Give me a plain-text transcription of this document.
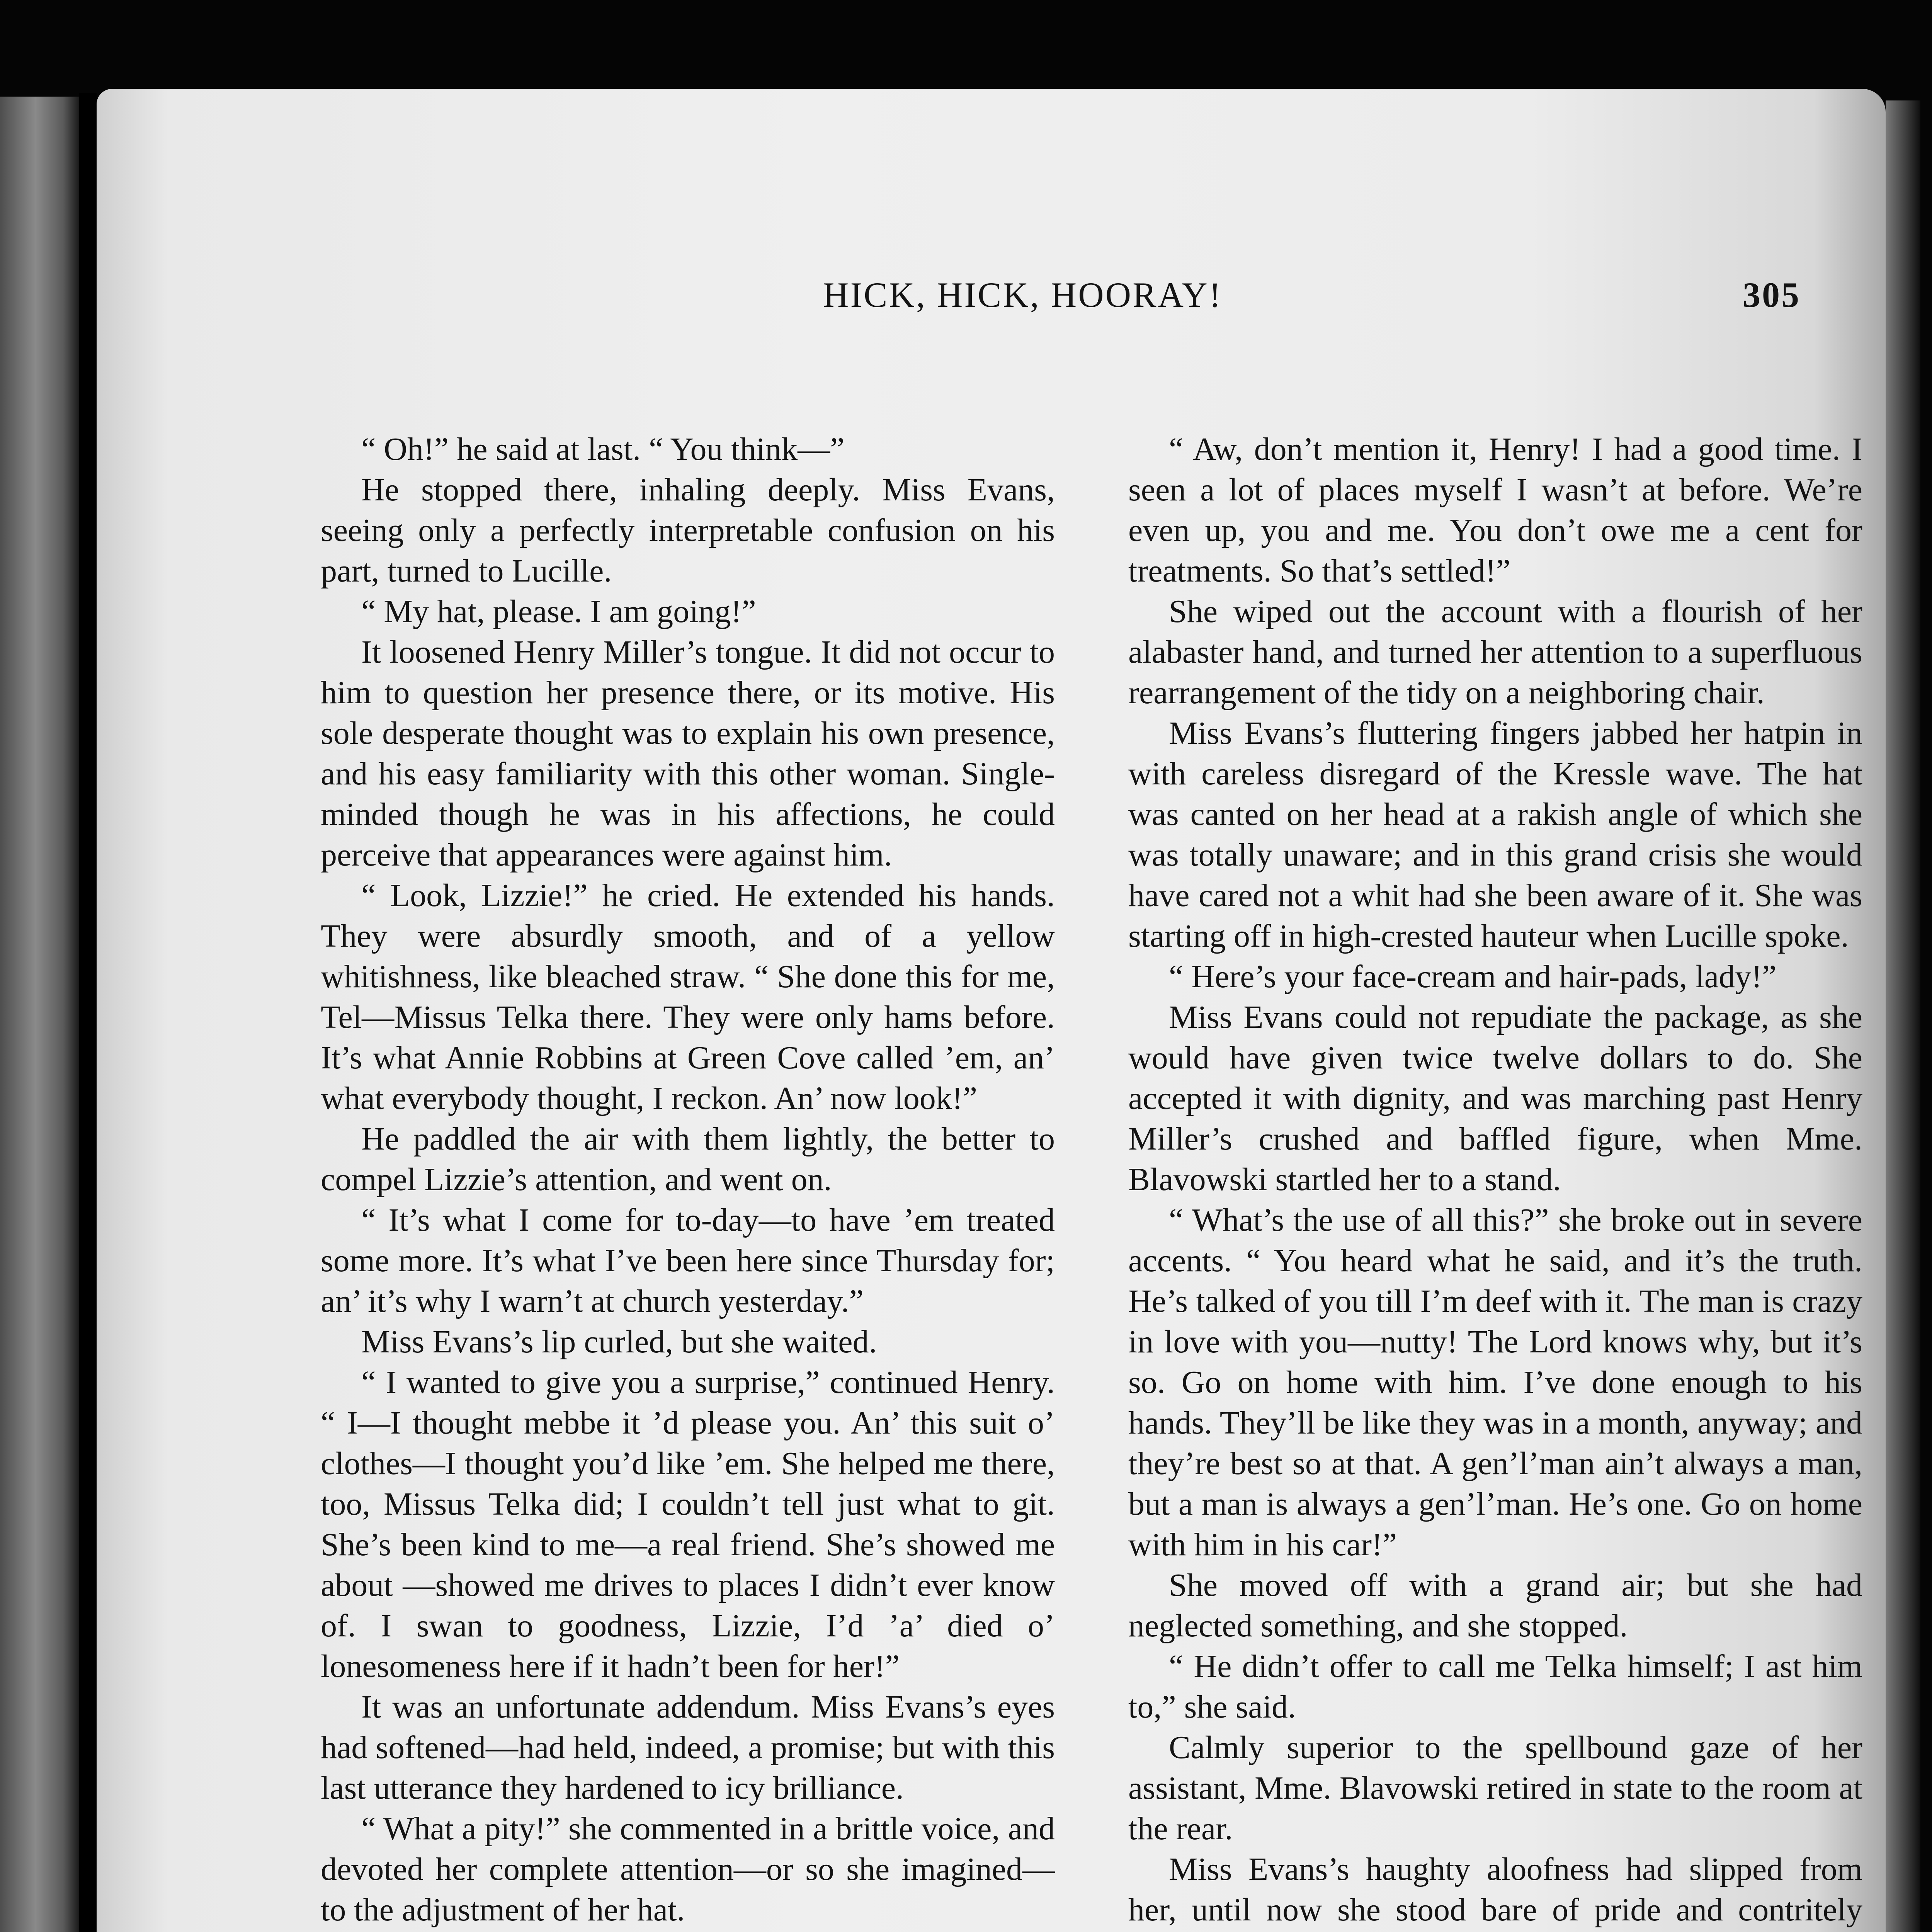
HICK, HICK, HOORAY!	305

“ Oh!” he said at last. “ You think—”

He stopped there, inhaling deeply. Miss Evans, seeing only a perfectly interpretable confusion on his part, turned to Lucille.

“ My hat, please. I am going!”

It loosened Henry Miller’s tongue. It did not occur to him to question her presence there, or its motive. His sole desperate thought was to explain his own presence, and his easy familiarity with this other woman. Single-minded though he was in his affections, he could perceive that appearances were against him.

“ Look, Lizzie!” he cried. He extended his hands. They were absurdly smooth, and of a yellow whitishness, like bleached straw. “ She done this for me, Tel—Missus Telka there. They were only hams before. It’s what Annie Robbins at Green Cove called ’em, an’ what everybody thought, I reckon. An’ now look!”

He paddled the air with them lightly, the better to compel Lizzie’s attention, and went on.

“ It’s what I come for to-day—to have ’em treated some more. It’s what I’ve been here since Thursday for; an’ it’s why I warn’t at church yesterday.”

Miss Evans’s lip curled, but she waited.

“ I wanted to give you a surprise,” continued Henry. “ I—I thought mebbe it ’d please you. An’ this suit o’ clothes—I thought you’d like ’em. She helped me there, too, Missus Telka did; I couldn’t tell just what to git. She’s been kind to me—a real friend. She’s showed me about —showed me drives to places I didn’t ever know of. I swan to goodness, Lizzie, I’d ’a’ died o’ lonesomeness here if it hadn’t been for her!”

It was an unfortunate addendum. Miss Evans’s eyes had softened—had held, indeed, a promise; but with this last utterance they hardened to icy brilliance.

“ What a pity!” she commented in a brittle voice, and devoted her complete attention—or so she imagined—to the adjustment of her hat.

“ Aw, don’t mention it, Henry! I had a good time. I seen a lot of places myself I wasn’t at before. We’re even up, you and me. You don’t owe me a cent for treatments. So that’s settled!”

She wiped out the account with a flourish of her alabaster hand, and turned her attention to a superfluous rearrangement of the tidy on a neighboring chair.

Miss Evans’s fluttering fingers jabbed her hatpin in with careless disregard of the Kressle wave. The hat was canted on her head at a rakish angle of which she was totally unaware; and in this grand crisis she would have cared not a whit had she been aware of it. She was starting off in high-crested hauteur when Lucille spoke.

“ Here’s your face-cream and hair-pads, lady!”

Miss Evans could not repudiate the package, as she would have given twice twelve dollars to do. She accepted it with dignity, and was marching past Henry Miller’s crushed and baffled figure, when Mme. Blavowski startled her to a stand.

“ What’s the use of all this?” she broke out in severe accents. “ You heard what he said, and it’s the truth. He’s talked of you till I’m deef with it. The man is crazy in love with you—nutty! The Lord knows why, but it’s so. Go on home with him. I’ve done enough to his hands. They’ll be like they was in a month, anyway; and they’re best so at that. A gen’l’man ain’t always a man, but a man is always a gen’l’man. He’s one. Go on home with him in his car!”

She moved off with a grand air; but she had neglected something, and she stopped.

“ He didn’t offer to call me Telka himself; I ast him to,” she said.

Calmly superior to the spellbound gaze of her assistant, Mme. Blavowski retired in state to the room at the rear.

Miss Evans’s haughty aloofness had slipped from her, until now she stood bare of pride and contritely
